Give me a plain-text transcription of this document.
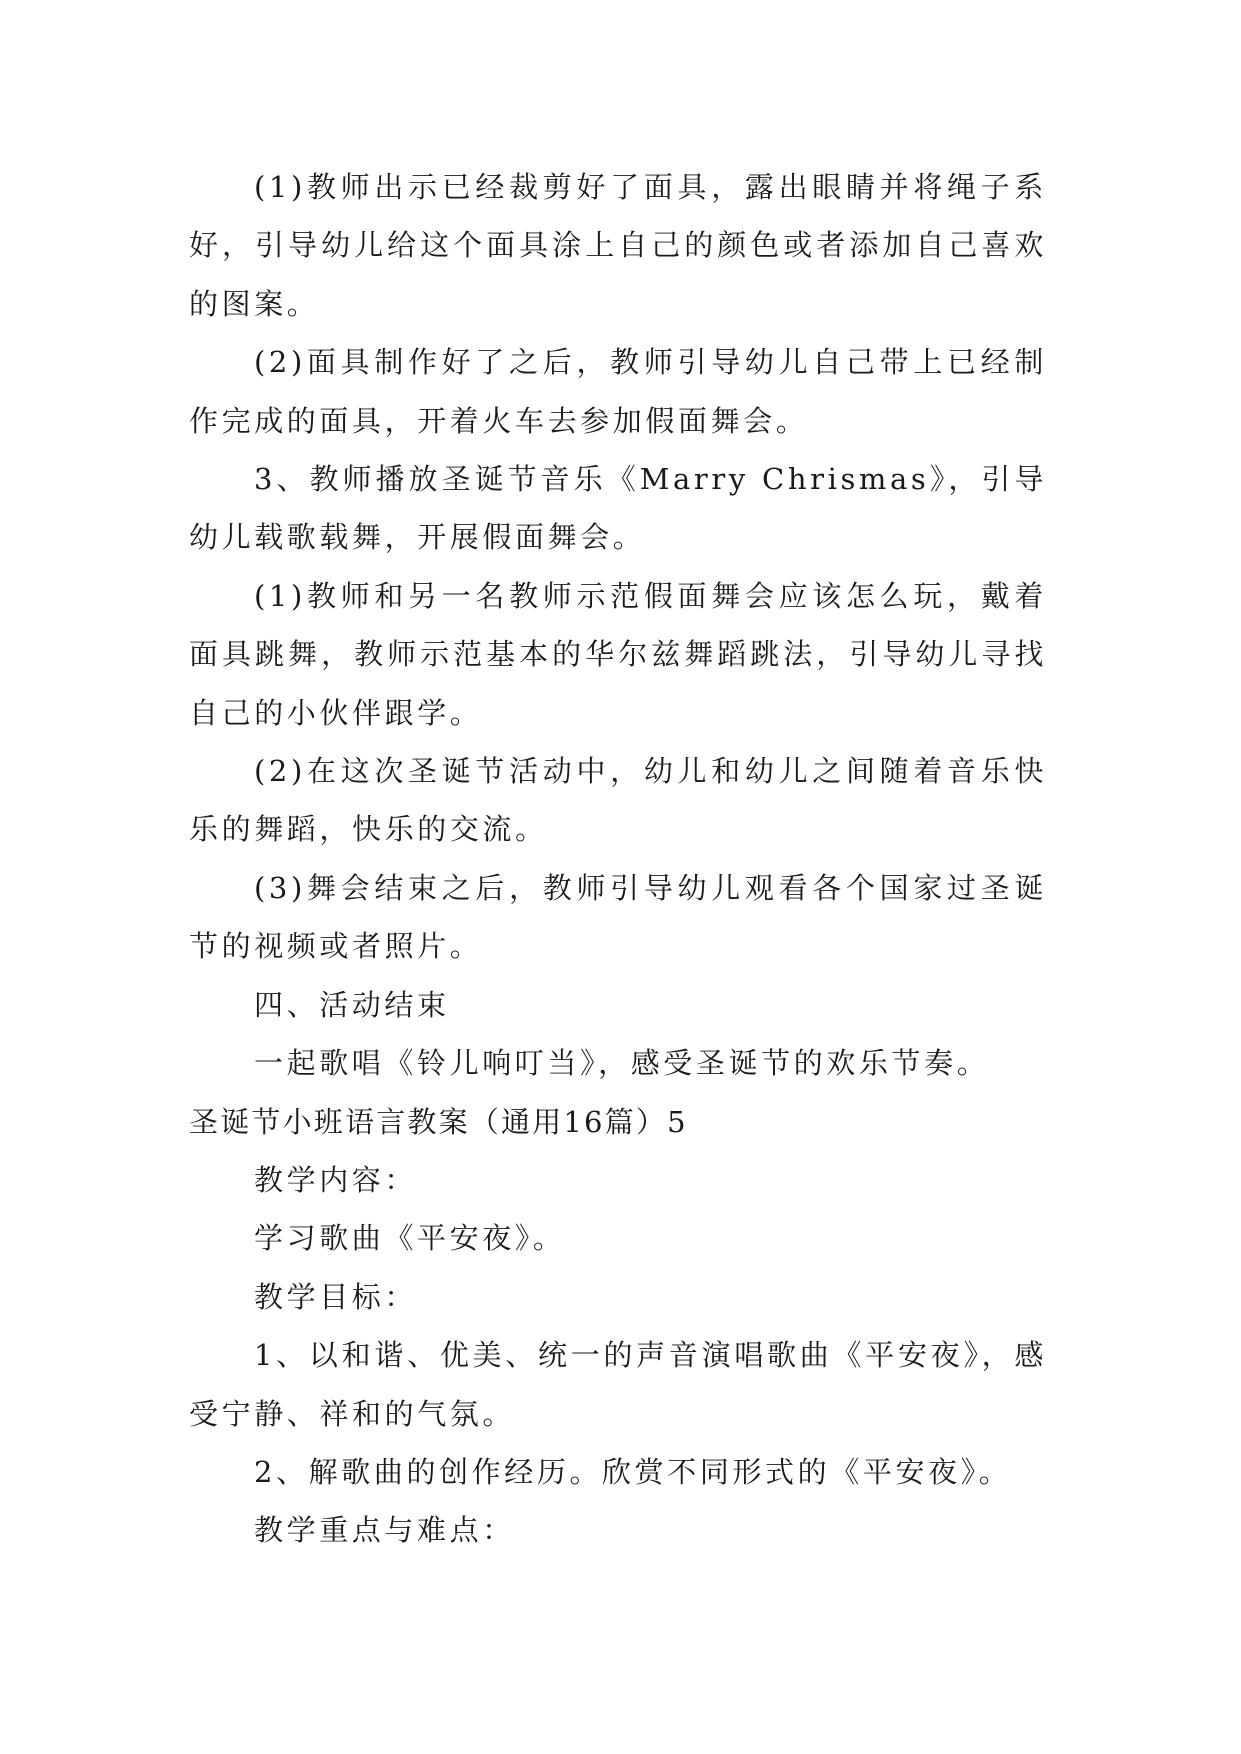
(1)教师出示已经裁剪好了面具，露出眼睛并将绳子系好，引导幼儿给这个面具涂上自己的颜色或者添加自己喜欢的图案。

(2)面具制作好了之后，教师引导幼儿自己带上已经制作完成的面具，开着火车去参加假面舞会。

3、教师播放圣诞节音乐《Marry Chrismas》，引导幼儿载歌载舞，开展假面舞会。

(1)教师和另一名教师示范假面舞会应该怎么玩，戴着面具跳舞，教师示范基本的华尔兹舞蹈跳法，引导幼儿寻找自己的小伙伴跟学。

(2)在这次圣诞节活动中，幼儿和幼儿之间随着音乐快乐的舞蹈，快乐的交流。

(3)舞会结束之后，教师引导幼儿观看各个国家过圣诞节的视频或者照片。

四、活动结束

一起歌唱《铃儿响叮当》，感受圣诞节的欢乐节奏。

圣诞节小班语言教案（通用16篇）5

教学内容：

学习歌曲《平安夜》。

教学目标：

1、以和谐、优美、统一的声音演唱歌曲《平安夜》，感受宁静、祥和的气氛。

2、解歌曲的创作经历。欣赏不同形式的《平安夜》。

教学重点与难点：
